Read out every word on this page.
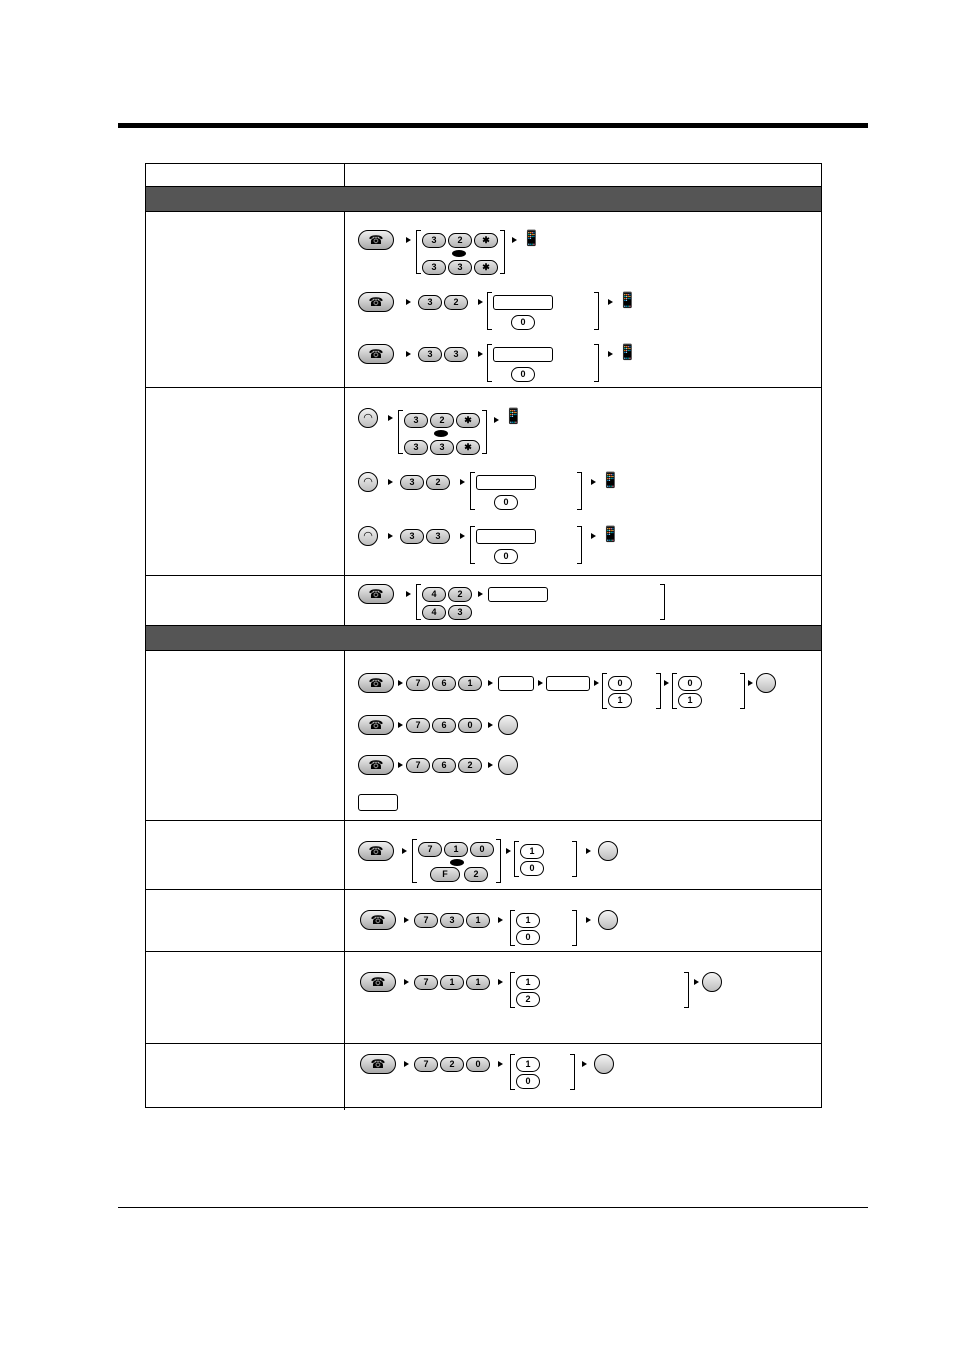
☎	3	2	✱
3	3	✱
📱
☎	3	2
0
📱
☎	3	3
0
📱
◠	3	2	✱
3	3	✱
📱
◠	3	2
0
📱
◠	3	3
0
📱
☎	4	2
4	3
☎	7	6	1	0
1
0
1
☎	7	6	0
☎	7	6	2
☎	7	1	0
F	2
1
0
☎	7	3	1	1
0
☎	7	1	1	1
2
☎	7	2	0	1
0
